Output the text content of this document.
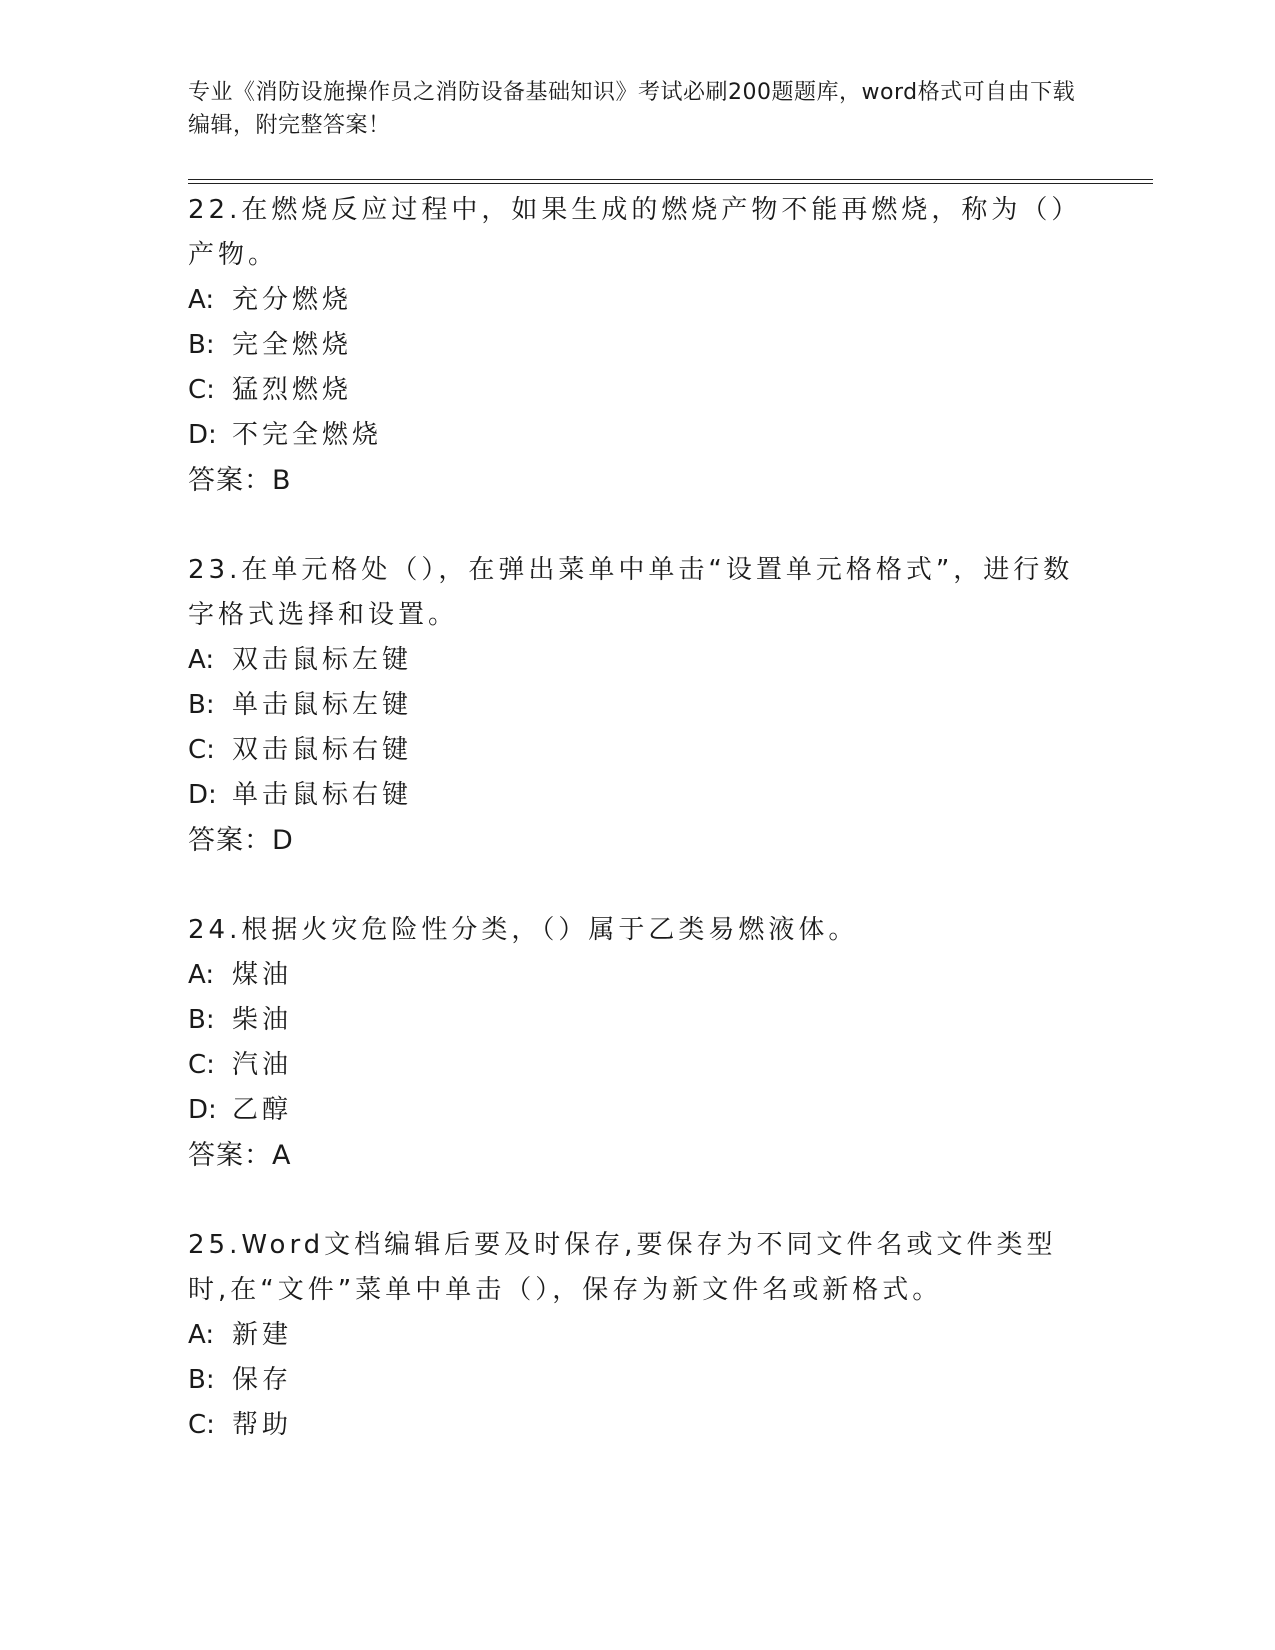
专业《消防设施操作员之消防设备基础知识》考试必刷200题题库，word格式可自由下载编辑，附完整答案！

22.在燃烧反应过程中，如果生成的燃烧产物不能再燃烧，称为（）产物。

A: 充分燃烧

B: 完全燃烧

C: 猛烈燃烧

D: 不完全燃烧

答案：B

23.在单元格处（），在弹出菜单中单击“设置单元格格式”，进行数字格式选择和设置。

A: 双击鼠标左键

B: 单击鼠标左键

C: 双击鼠标右键

D: 单击鼠标右键

答案：D

24.根据火灾危险性分类，（）属于乙类易燃液体。

A: 煤油

B: 柴油

C: 汽油

D: 乙醇

答案：A

25.Word文档编辑后要及时保存,要保存为不同文件名或文件类型时,在“文件”菜单中单击（），保存为新文件名或新格式。

A: 新建

B: 保存

C: 帮助
